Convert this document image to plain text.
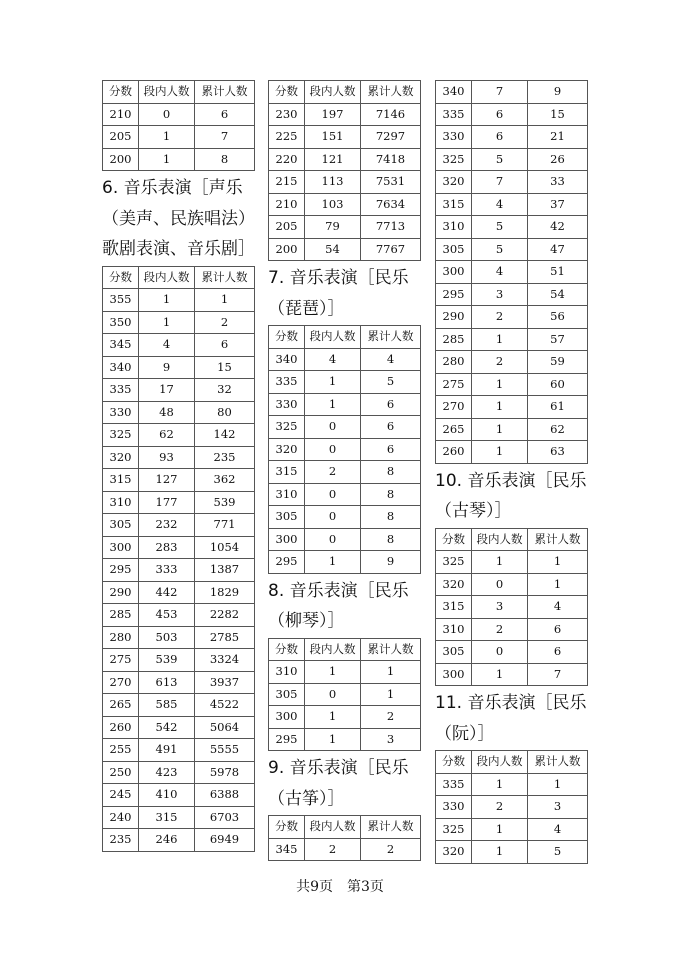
分数	段内人数	累计人数
210	0	6
205	1	7
200	1	8
6. 音乐表演［声乐
（美声、民族唱法）
歌剧表演、音乐剧］
分数	段内人数	累计人数
355	1	1
350	1	2
345	4	6
340	9	15
335	17	32
330	48	80
325	62	142
320	93	235
315	127	362
310	177	539
305	232	771
300	283	1054
295	333	1387
290	442	1829
285	453	2282
280	503	2785
275	539	3324
270	613	3937
265	585	4522
260	542	5064
255	491	5555
250	423	5978
245	410	6388
240	315	6703
235	246	6949
分数	段内人数	累计人数
230	197	7146
225	151	7297
220	121	7418
215	113	7531
210	103	7634
205	79	7713
200	54	7767
7. 音乐表演［民乐
（琵琶）］
分数	段内人数	累计人数
340	4	4
335	1	5
330	1	6
325	0	6
320	0	6
315	2	8
310	0	8
305	0	8
300	0	8
295	1	9
8. 音乐表演［民乐
（柳琴）］
分数	段内人数	累计人数
310	1	1
305	0	1
300	1	2
295	1	3
9. 音乐表演［民乐
（古筝）］
分数	段内人数	累计人数
345	2	2
340	7	9
335	6	15
330	6	21
325	5	26
320	7	33
315	4	37
310	5	42
305	5	47
300	4	51
295	3	54
290	2	56
285	1	57
280	2	59
275	1	60
270	1	61
265	1	62
260	1	63
10. 音乐表演［民乐
（古琴）］
分数	段内人数	累计人数
325	1	1
320	0	1
315	3	4
310	2	6
305	0	6
300	1	7
11. 音乐表演［民乐
（阮）］
分数	段内人数	累计人数
335	1	1
330	2	3
325	1	4
320	1	5
共9页　第3页
